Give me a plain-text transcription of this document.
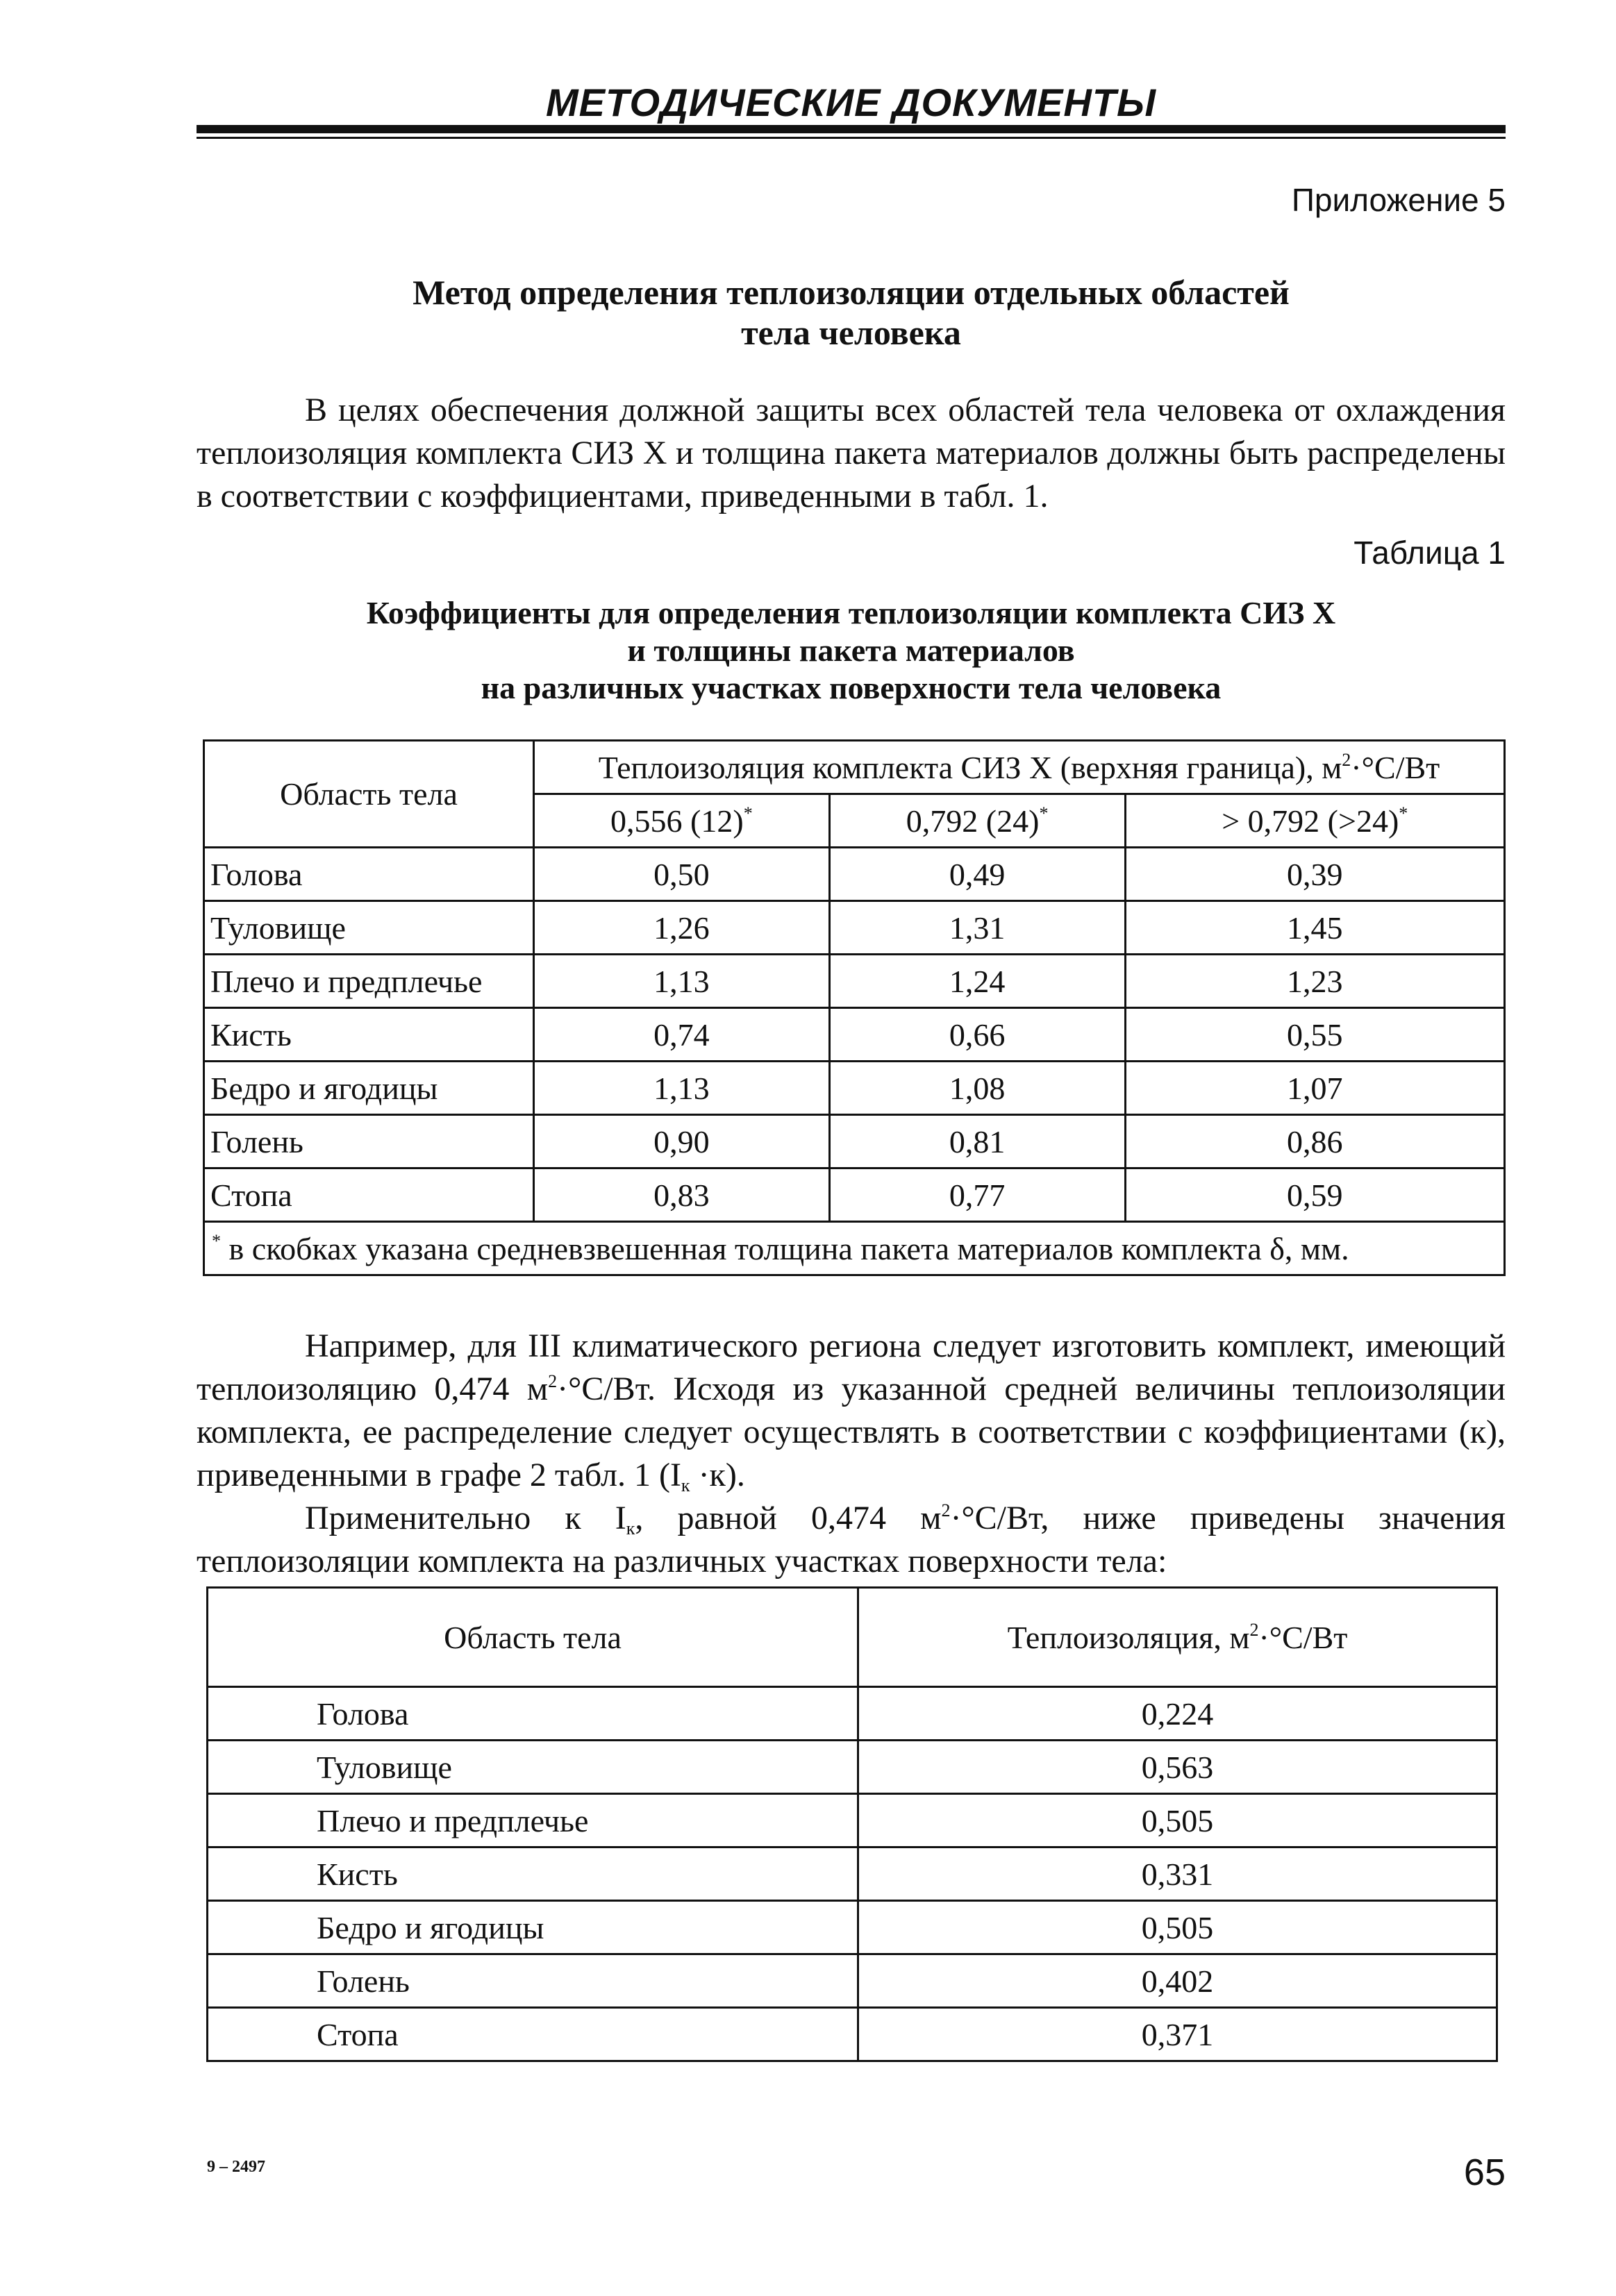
МЕТОДИЧЕСКИЕ ДОКУМЕНТЫ
Приложение 5
Метод определения теплоизоляции отдельных областей
тела человека
В целях обеспечения должной защиты всех областей тела человека от охлаждения теплоизоляция комплекта СИЗ Х и толщина пакета материалов должны быть распределены в соответствии с коэффициентами, приведенными в табл. 1.
Таблица 1
Коэффициенты для определения теплоизоляции комплекта СИЗ Х
и толщины пакета материалов
на различных участках поверхности тела человека
Область тела	Теплоизоляция комплекта СИЗ Х (верхняя граница), $м^2\cdot^\circ С/Вт$		
	0,556 (12)*	0,792 (24)*	> 0,792 (>24)*
Голова	0,50	0,49	0,39
Туловище	1,26	1,31	1,45
Плечо и предплечье	1,13	1,24	1,23
Кисть	0,74	0,66	0,55
Бедро и ягодицы	1,13	1,08	1,07
Голень	0,90	0,81	0,86
Стопа	0,83	0,77	0,59
* в скобках указана средневзвешенная толщина пакета материалов комплекта δ, мм.			
Например, для III климатического региона следует изготовить комплект, имеющий теплоизоляцию 0,474 $м^2\cdot^\circ С/Вт$. Исходя из указанной средней величины теплоизоляции комплекта, ее распределение следует осуществлять в соответствии с коэффициентами (к), приведенными в графе 2 табл. 1 $(I_к \cdot к)$.
Применительно к $I_к$, равной 0,474 $м^2\cdot^\circ С/Вт$, ниже приведены значения теплоизоляции комплекта на различных участках поверхности тела:
Область тела	Теплоизоляция, $м^2\cdot^\circ С/Вт$
Голова	0,224
Туловище	0,563
Плечо и предплечье	0,505
Кисть	0,331
Бедро и ягодицы	0,505
Голень	0,402
Стопа	0,371
9 – 2497	65
